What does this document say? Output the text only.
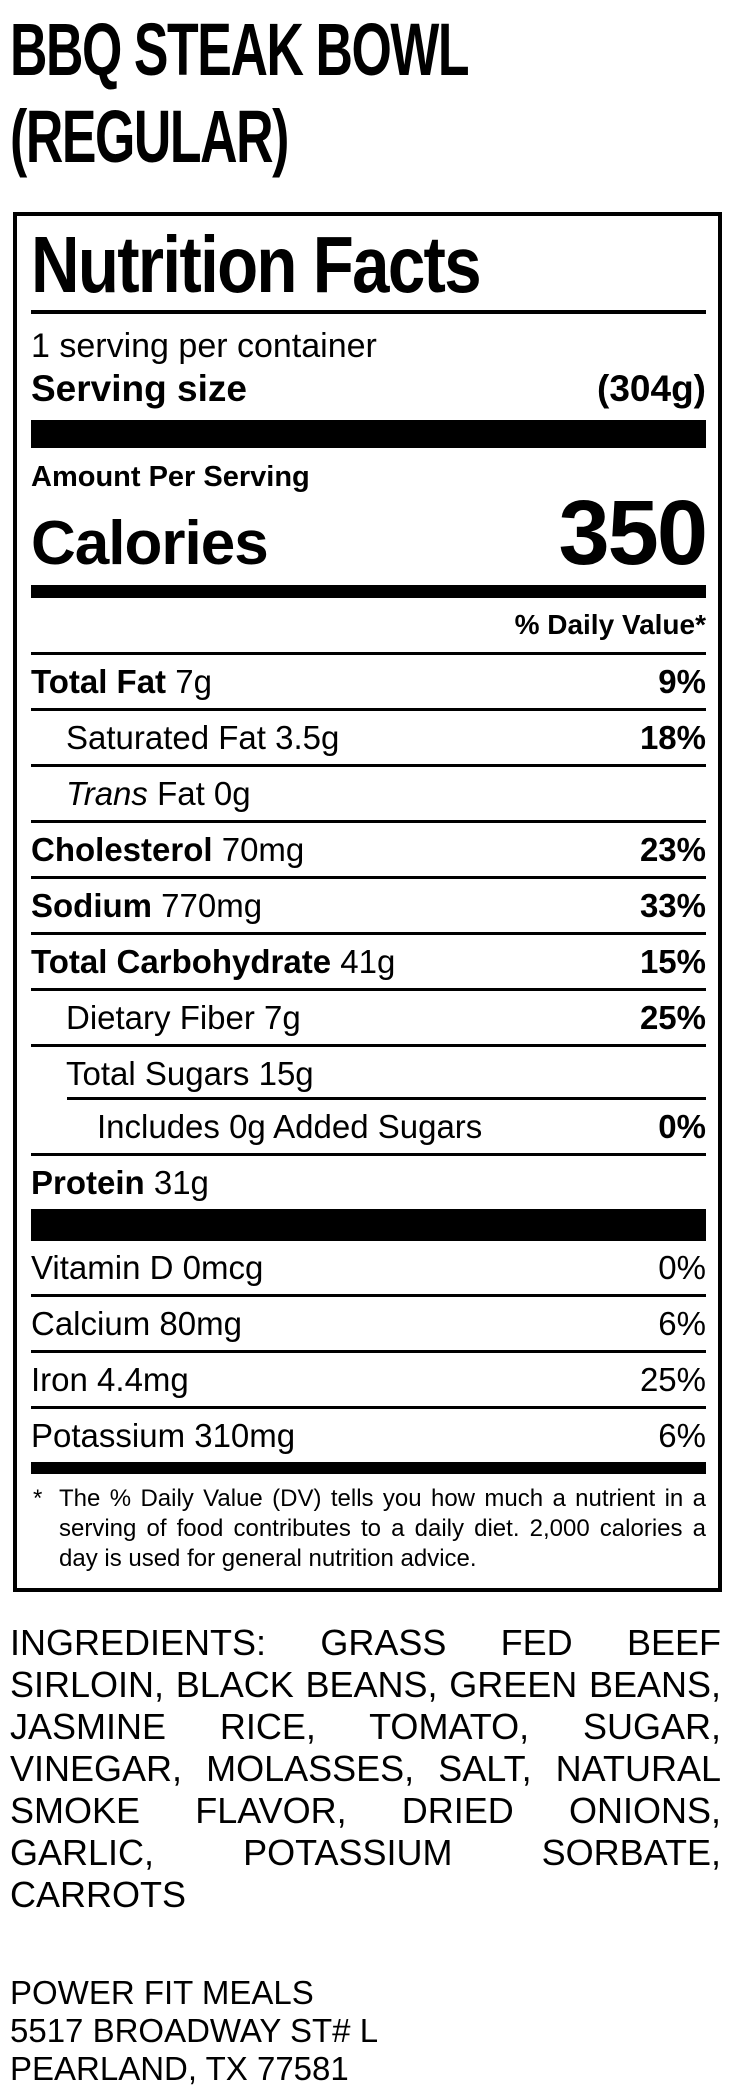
BBQ STEAK BOWL (REGULAR)
Nutrition Facts
1 serving per container
Serving size	(304g)
Amount Per Serving
Calories	350
% Daily Value*
Total Fat 7g	9%
Saturated Fat 3.5g	18%
Trans Fat 0g
Cholesterol 70mg	23%
Sodium 770mg	33%
Total Carbohydrate 41g	15%
Dietary Fiber 7g	25%
Total Sugars 15g
Includes 0g Added Sugars	0%
Protein 31g
Vitamin D 0mcg	0%
Calcium 80mg	6%
Iron 4.4mg	25%
Potassium 310mg	6%
* The % Daily Value (DV) tells you how much a nutrient in a serving of food contributes to a daily diet. 2,000 calories a day is used for general nutrition advice.

INGREDIENTS: GRASS FED BEEF SIRLOIN, BLACK BEANS, GREEN BEANS, JASMINE RICE, TOMATO, SUGAR, VINEGAR, MOLASSES, SALT, NATURAL SMOKE FLAVOR, DRIED ONIONS, GARLIC, POTASSIUM SORBATE, CARROTS

POWER FIT MEALS
5517 BROADWAY ST# L
PEARLAND, TX 77581
